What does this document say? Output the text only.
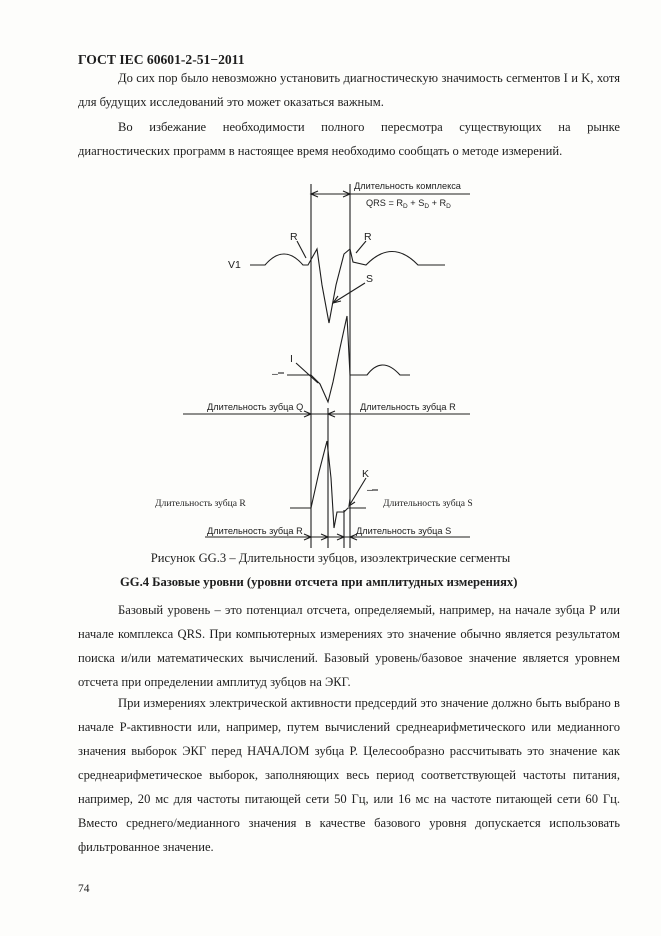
ГОСТ IEC 60601-2-51−2011

До сих пор было невозможно установить диагностическую значимость сегментов I и K, хотя для будущих исследований это может оказаться важным.

Во избежание необходимости полного пересмотра существующих на рынке диагностических программ в настоящее время необходимо сообщать о методе измерений.

Длительность комплекса
QRS = $R_D + S_D + R_D$
V1
R	R
S
I
–
K
–
Длительность зубца Q	Длительность зубца R
Длительность зубца R	Длительность зубца S
Длительность зубца R	Длительность зубца S
Рисунок GG.3 – Длительности зубцов, изоэлектрические сегменты
GG.4 Базовые уровни (уровни отсчета при амплитудных измерениях)

Базовый уровень – это потенциал отсчета, определяемый, например, на начале зубца Р или начале комплекса QRS. При компьютерных измерениях это значение обычно является результатом поиска и/или математических вычислений. Базовый уровень/базовое значение является уровнем отсчета при определении амплитуд зубцов на ЭКГ.

При измерениях электрической активности предсердий это значение должно быть выбрано в начале Р-активности или, например, путем вычислений среднеарифметического или медианного значения выборок ЭКГ перед НАЧАЛОМ зубца Р. Целесообразно рассчитывать это значение как среднеарифметическое выборок, заполняющих весь период соответствующей частоты питания, например, 20 мс для частоты питающей сети 50 Гц, или 16 мс на частоте питающей сети 60 Гц. Вместо среднего/медианного значения в качестве базового уровня допускается использовать фильтрованное значение.

74
